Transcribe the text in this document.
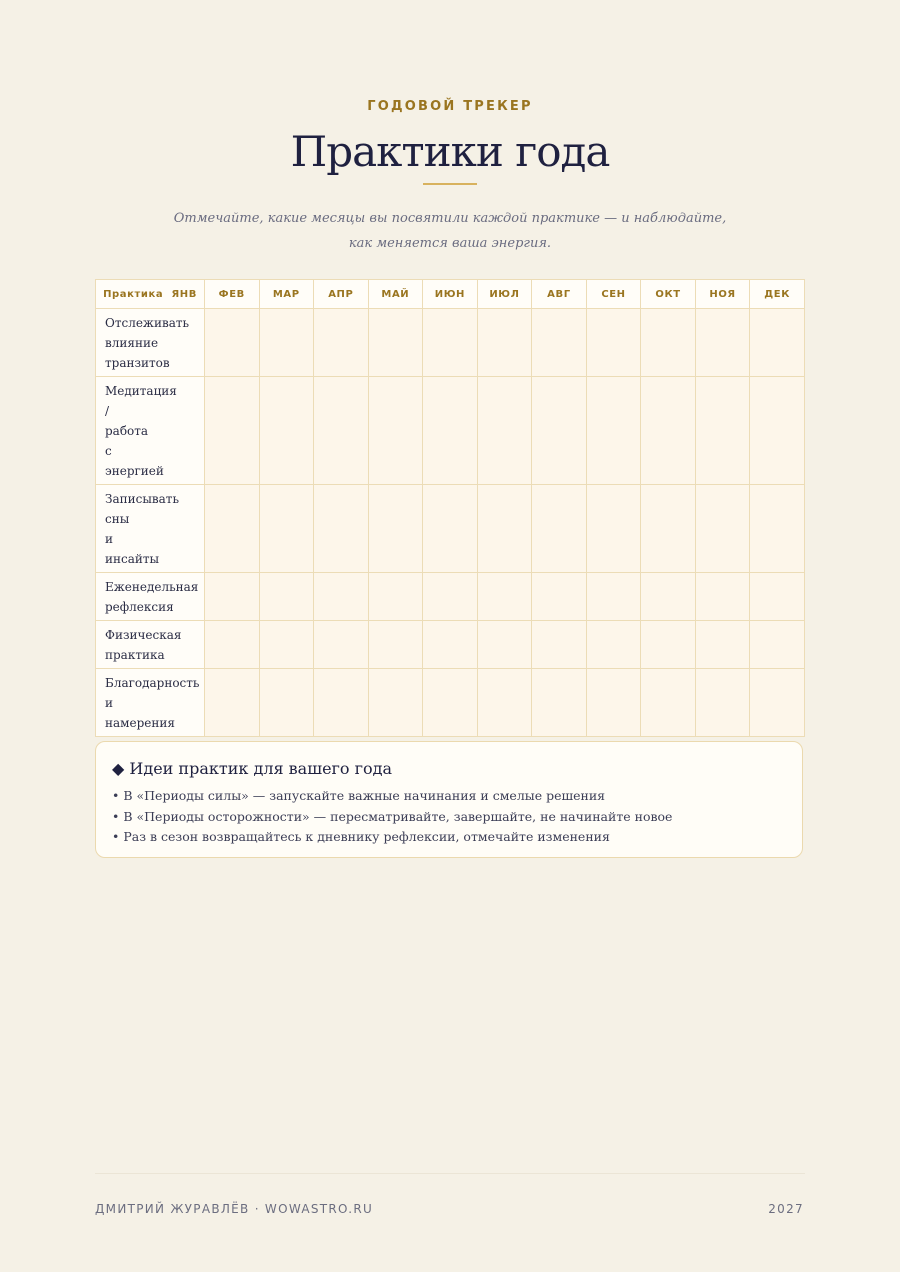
ГОДОВОЙ ТРЕКЕР
Практики года
Отмечайте, какие месяцы вы посвятили каждой практике — и наблюдайте,
как меняется ваша энергия.
Практика ЯНВ	ФЕВ	МАР	АПР	МАЙ	ИЮН	ИЮЛ	АВГ	СЕН	ОКТ	НОЯ	ДЕК
Отслеживать влияние транзитов											
Медитация / работа с энергией											
Записывать сны и инсайты											
Еженедельная рефлексия											
Физическая практика											
Благодарность и намерения											
◆ Идеи практик для вашего года
• В «Периоды силы» — запускайте важные начинания и смелые решения
• В «Периоды осторожности» — пересматривайте, завершайте, не начинайте новое
• Раз в сезон возвращайтесь к дневнику рефлексии, отмечайте изменения
ДМИТРИЙ ЖУРАВЛЁВ · WOWASTRO.RU	2027
